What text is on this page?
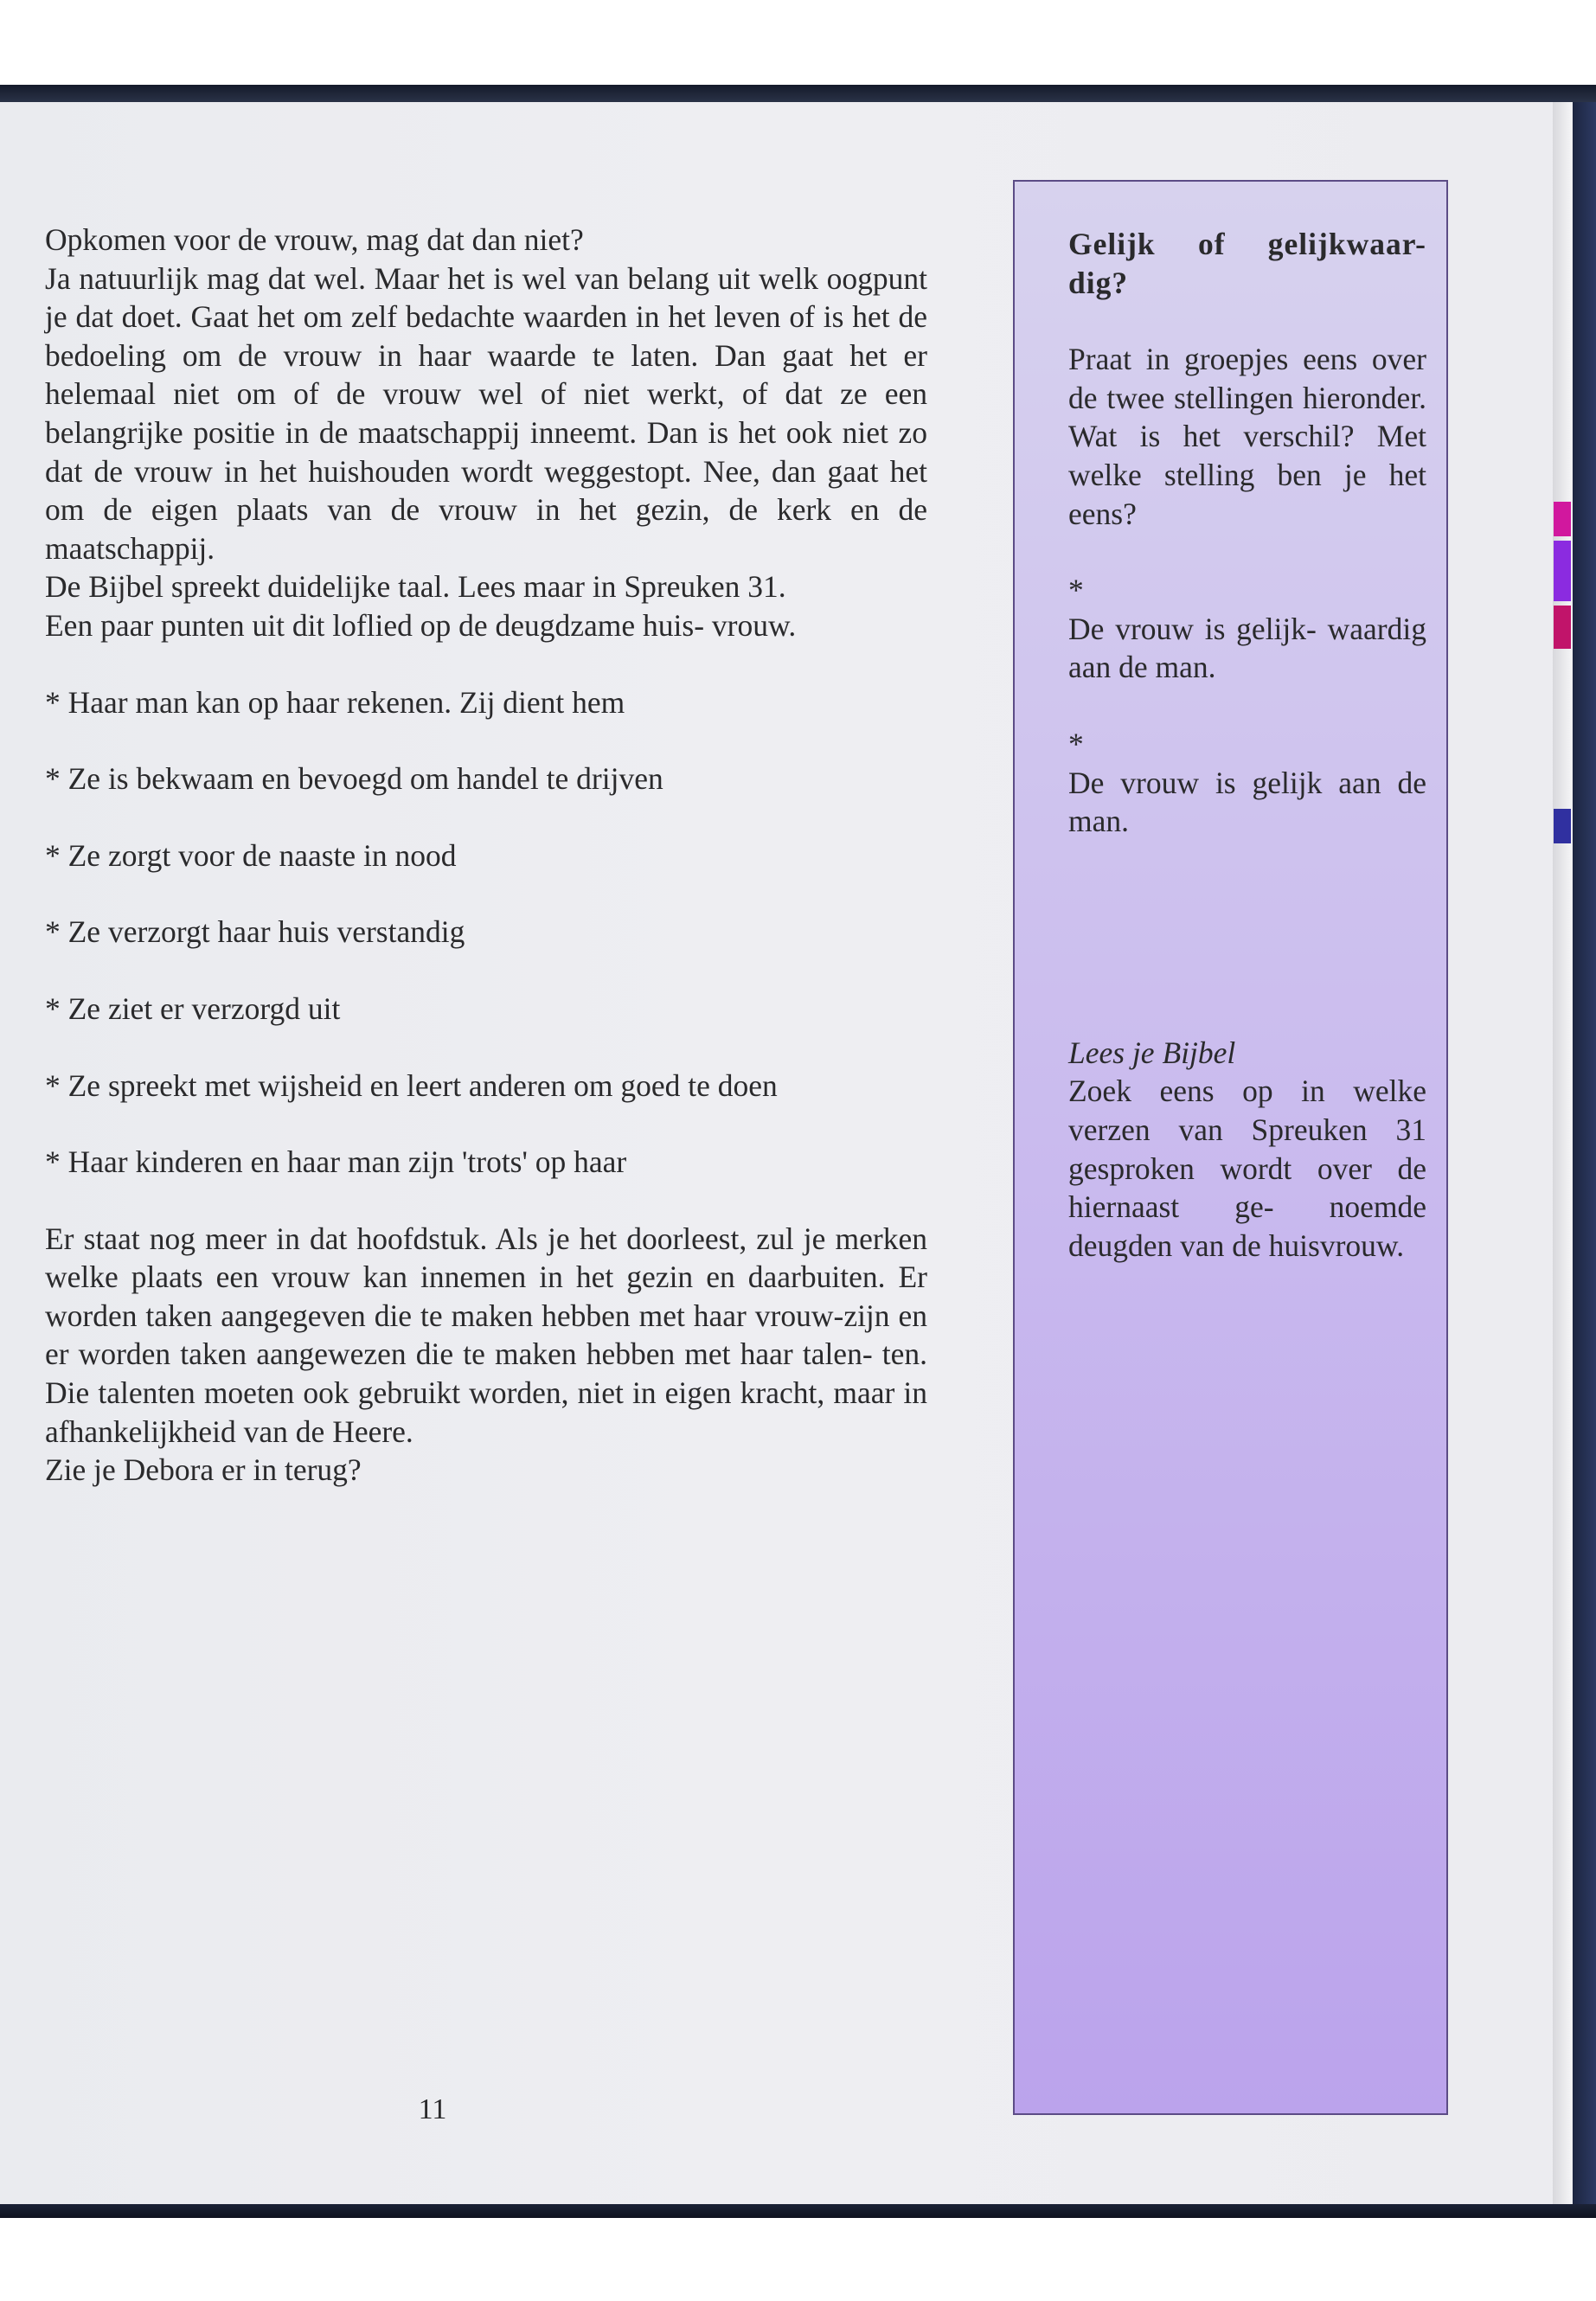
Opkomen voor de vrouw, mag dat dan niet?

Ja natuurlijk mag dat wel. Maar het is wel van belang uit welk oogpunt je dat doet. Gaat het om zelf bedachte waarden in het leven of is het de bedoeling om de vrouw in haar waarde te laten. Dan gaat het er helemaal niet om of de vrouw wel of niet werkt, of dat ze een belangrijke positie in de maatschappij inneemt. Dan is het ook niet zo dat de vrouw in het huishouden wordt weggestopt. Nee, dan gaat het om de eigen plaats van de vrouw in het gezin, de kerk en de maatschappij.

De Bijbel spreekt duidelijke taal. Lees maar in Spreuken 31.

Een paar punten uit dit loflied op de deugdzame huis- vrouw.

* Haar man kan op haar rekenen. Zij dient hem

* Ze is bekwaam en bevoegd om handel te drijven

* Ze zorgt voor de naaste in nood

* Ze verzorgt haar huis verstandig

* Ze ziet er verzorgd uit

* Ze spreekt met wijsheid en leert anderen om goed te doen

* Haar kinderen en haar man zijn 'trots' op haar

Er staat nog meer in dat hoofdstuk. Als je het doorleest, zul je merken welke plaats een vrouw kan innemen in het gezin en daarbuiten. Er worden taken aangegeven die te maken hebben met haar vrouw-zijn en er worden taken aangewezen die te maken hebben met haar talen- ten. Die talenten moeten ook gebruikt worden, niet in eigen kracht, maar in afhankelijkheid van de Heere.

Zie je Debora er in terug?

Gelijk of gelijkwaar- dig?

Praat in groepjes eens over de twee stellingen hieronder. Wat is het verschil? Met welke stelling ben je het eens?

*

De vrouw is gelijk- waardig aan de man.

*

De vrouw is gelijk aan de man.

Lees je Bijbel

Zoek eens op in welke verzen van Spreuken 31 gesproken wordt over de hiernaast ge- noemde deugden van de huisvrouw.

11
